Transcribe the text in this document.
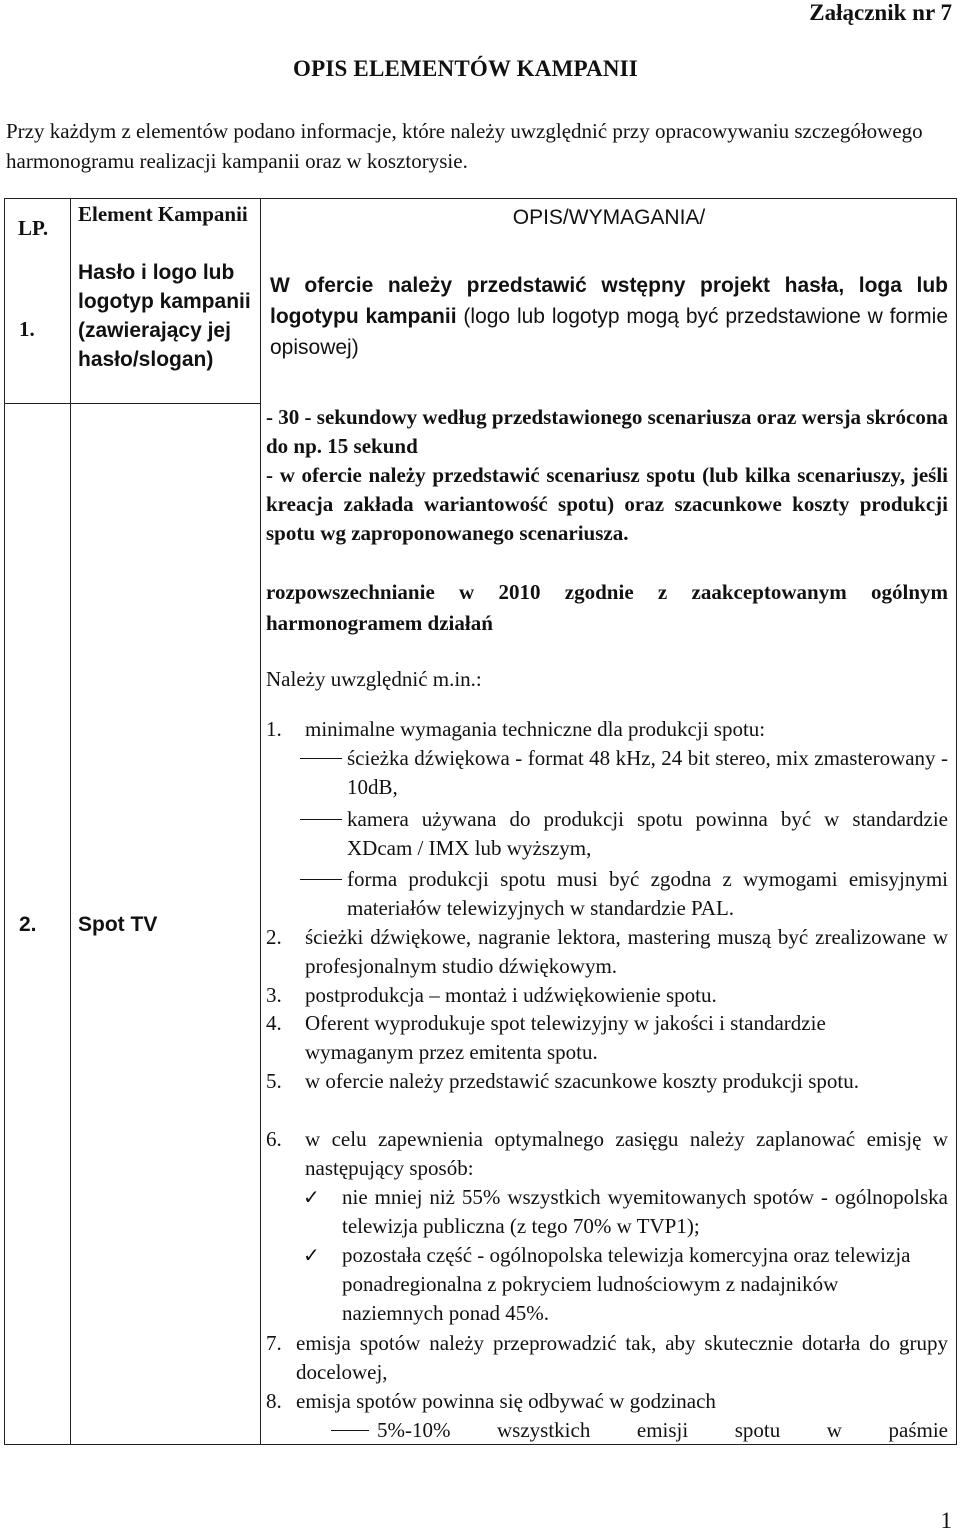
Załącznik nr 7
OPIS ELEMENTÓW KAMPANII
Przy każdym z elementów podano informacje, które należy uwzględnić przy opracowywaniu szczegółowego harmonogramu realizacji kampanii oraz w kosztorysie.
LP.
Element Kampanii	OPIS/WYMAGANIA/
1.
Hasło i logo lub logotyp kampanii (zawierający jej hasło/slogan)
W ofercie należy przedstawić wstępny projekt hasła, loga lub logotypu kampanii (logo lub logotyp mogą być przedstawione w formie opisowej)
2. Spot TV
- 30 - sekundowy według przedstawionego scenariusza oraz wersja skrócona do np. 15 sekund
- w ofercie należy przedstawić scenariusz spotu (lub kilka scenariuszy, jeśli kreacja zakłada wariantowość spotu) oraz szacunkowe koszty produkcji spotu wg zaproponowanego scenariusza.
rozpowszechnianie w 2010 zgodnie z zaakceptowanym ogólnym harmonogramem działań
Należy uwzględnić m.in.:
1. minimalne wymagania techniczne dla produkcji spotu:
ścieżka dźwiękowa - format 48 kHz, 24 bit stereo, mix zmasterowany - 10dB,
kamera używana do produkcji spotu powinna być w standardzie XDcam / IMX lub wyższym,
forma produkcji spotu musi być zgodna z wymogami emisyjnymi materiałów telewizyjnych w standardzie PAL.
2. ścieżki dźwiękowe, nagranie lektora, mastering muszą być zrealizowane w profesjonalnym studio dźwiękowym.
3. postprodukcja – montaż i udźwiękowienie spotu.
4. Oferent wyprodukuje spot telewizyjny w jakości i standardzie wymaganym przez emitenta spotu.
5. w ofercie należy przedstawić szacunkowe koszty produkcji spotu.
6. w celu zapewnienia optymalnego zasięgu należy zaplanować emisję w następujący sposób:
✓ nie mniej niż 55% wszystkich wyemitowanych spotów - ogólnopolska telewizja publiczna (z tego 70% w TVP1);
✓ pozostała część - ogólnopolska telewizja komercyjna oraz telewizja ponadregionalna z pokryciem ludnościowym z nadajników naziemnych ponad 45%.
7. emisja spotów należy przeprowadzić tak, aby skutecznie dotarła do grupy docelowej,
8. emisja spotów powinna się odbywać w godzinach
5%-10% wszystkich emisji spotu w paśmie
1
